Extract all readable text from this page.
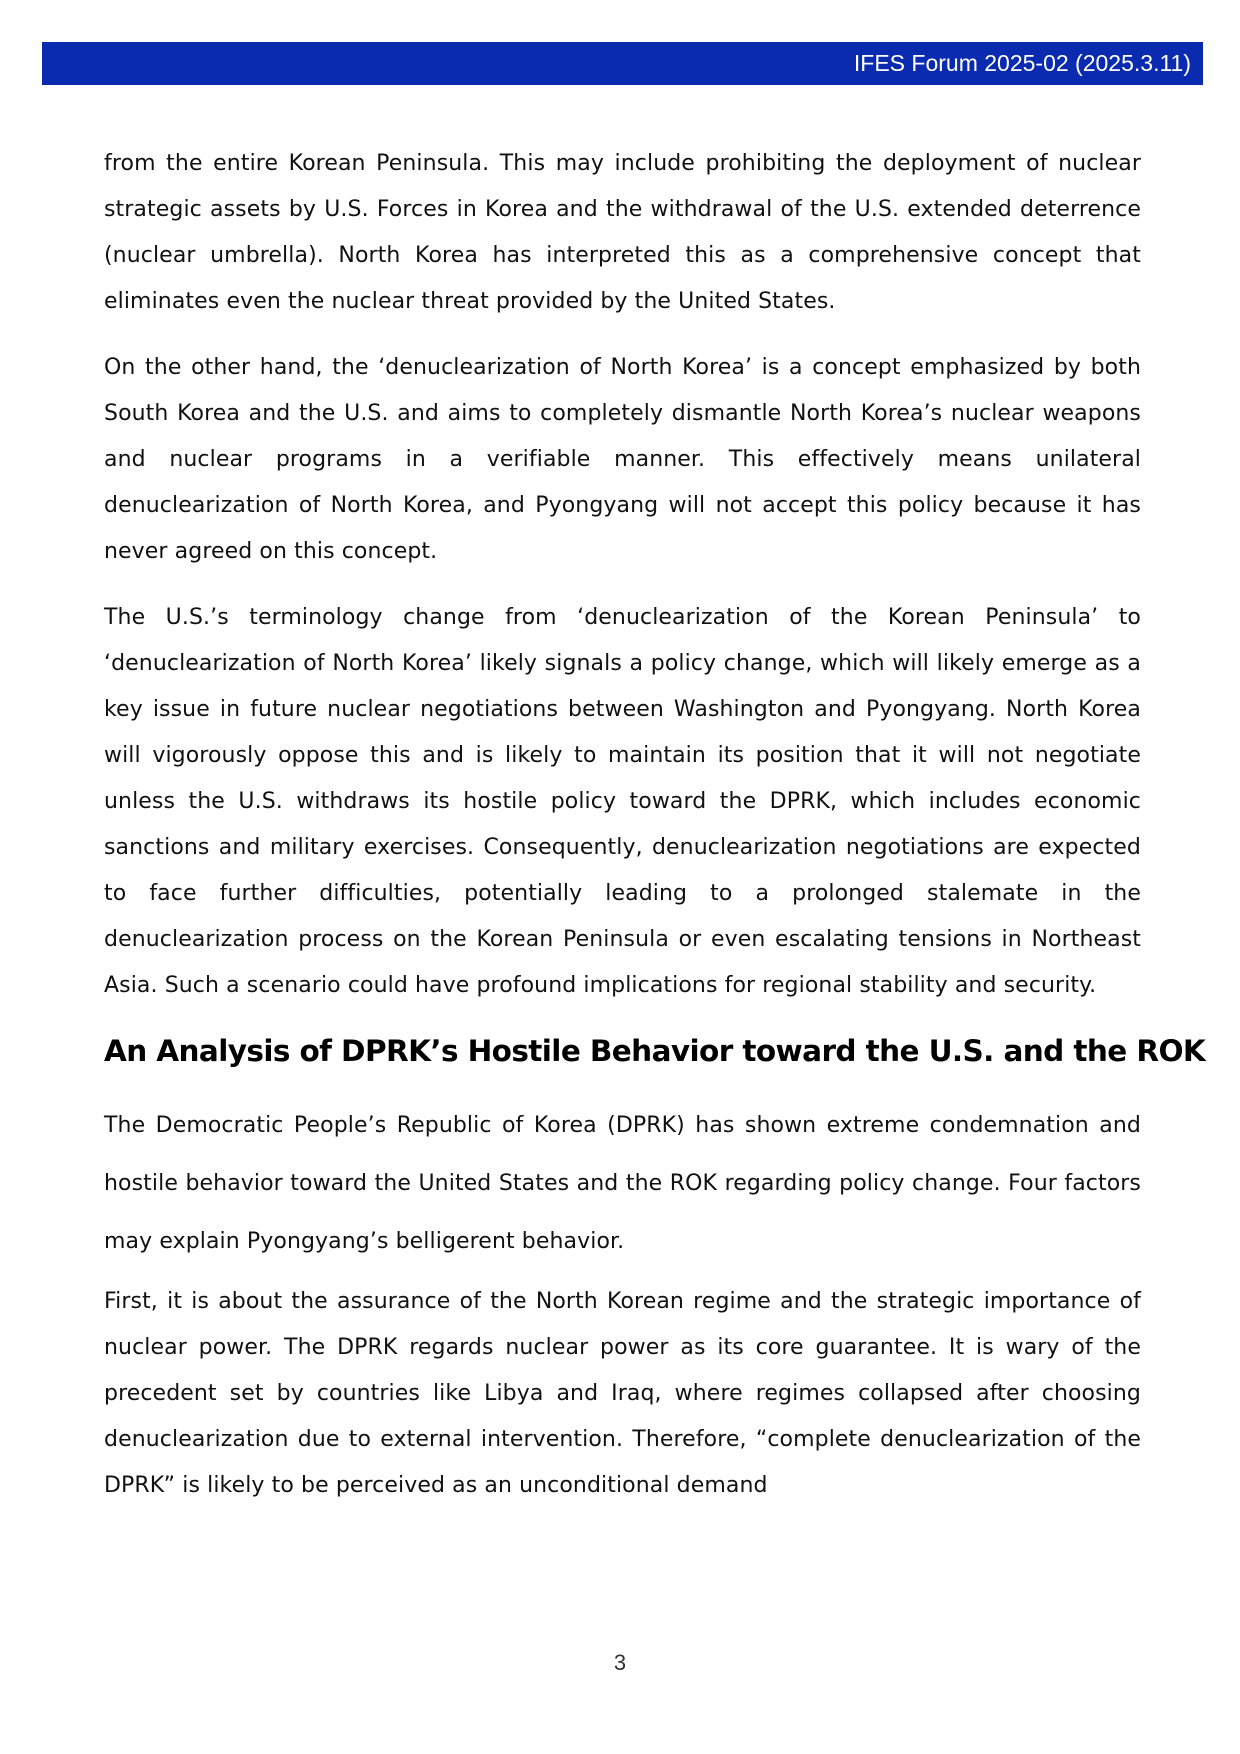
IFES Forum 2025-02 (2025.3.11)

from the entire Korean Peninsula. This may include prohibiting the deployment of nuclear strategic assets by U.S. Forces in Korea and the withdrawal of the U.S. extended deterrence (nuclear umbrella). North Korea has interpreted this as a comprehensive concept that eliminates even the nuclear threat provided by the United States.

On the other hand, the ‘denuclearization of North Korea’ is a concept emphasized by both South Korea and the U.S. and aims to completely dismantle North Korea’s nuclear weapons and nuclear programs in a verifiable manner. This effectively means unilateral denuclearization of North Korea, and Pyongyang will not accept this policy because it has never agreed on this concept.

The U.S.’s terminology change from ‘denuclearization of the Korean Peninsula’ to ‘denuclearization of North Korea’ likely signals a policy change, which will likely emerge as a key issue in future nuclear negotiations between Washington and Pyongyang. North Korea will vigorously oppose this and is likely to maintain its position that it will not negotiate unless the U.S. withdraws its hostile policy toward the DPRK, which includes economic sanctions and military exercises. Consequently, denuclearization negotiations are expected to face further difficulties, potentially leading to a prolonged stalemate in the denuclearization process on the Korean Peninsula or even escalating tensions in Northeast Asia. Such a scenario could have profound implications for regional stability and security.

An Analysis of DPRK’s Hostile Behavior toward the U.S. and the ROK

The Democratic People’s Republic of Korea (DPRK) has shown extreme condemnation and hostile behavior toward the United States and the ROK regarding policy change. Four factors may explain Pyongyang’s belligerent behavior.

First, it is about the assurance of the North Korean regime and the strategic importance of nuclear power. The DPRK regards nuclear power as its core guarantee. It is wary of the precedent set by countries like Libya and Iraq, where regimes collapsed after choosing denuclearization due to external intervention. Therefore, “complete denuclearization of the DPRK” is likely to be perceived as an unconditional demand

3
